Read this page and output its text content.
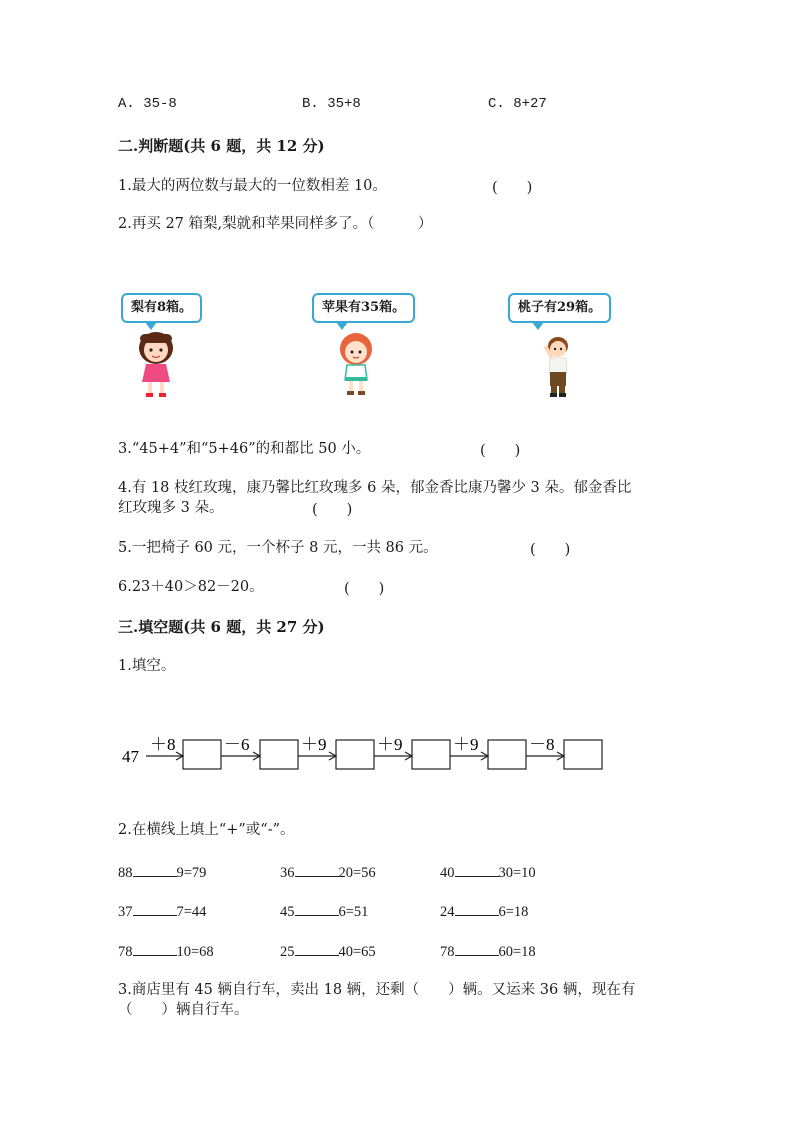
A. 35-8	B. 35+8	C. 8+27
二.判断题(共 6 题，共 12 分)
1.最大的两位数与最大的一位数相差 10。	(　　)
2.再买 27 箱梨,梨就和苹果同样多了。（　　　）
梨有8箱。	苹果有35箱。	桃子有29箱。
3.“45+4”和“5+46”的和都比 50 小。	(　　)
4.有 18 枝红玫瑰，康乃馨比红玫瑰多 6 朵，郁金香比康乃馨少 3 朵。郁金香比
红玫瑰多 3 朵。	(　　)
5.一把椅子 60 元，一个杯子 8 元，一共 86 元。	(　　)
6.23＋40＞82－20。	(　　)
三.填空题(共 6 题，共 27 分)
1.填空。
47
＋8	－6	＋9	＋9	＋9	－8
2.在横线上填上“+”或“-”。
88	9=79	36	20=56	40	30=10
37	7=44	45	6=51	24	6=18
78	10=68	25	40=65	78	60=18
3.商店里有 45 辆自行车，卖出 18 辆，还剩（　　）辆。又运来 36 辆，现在有
（　　）辆自行车。
